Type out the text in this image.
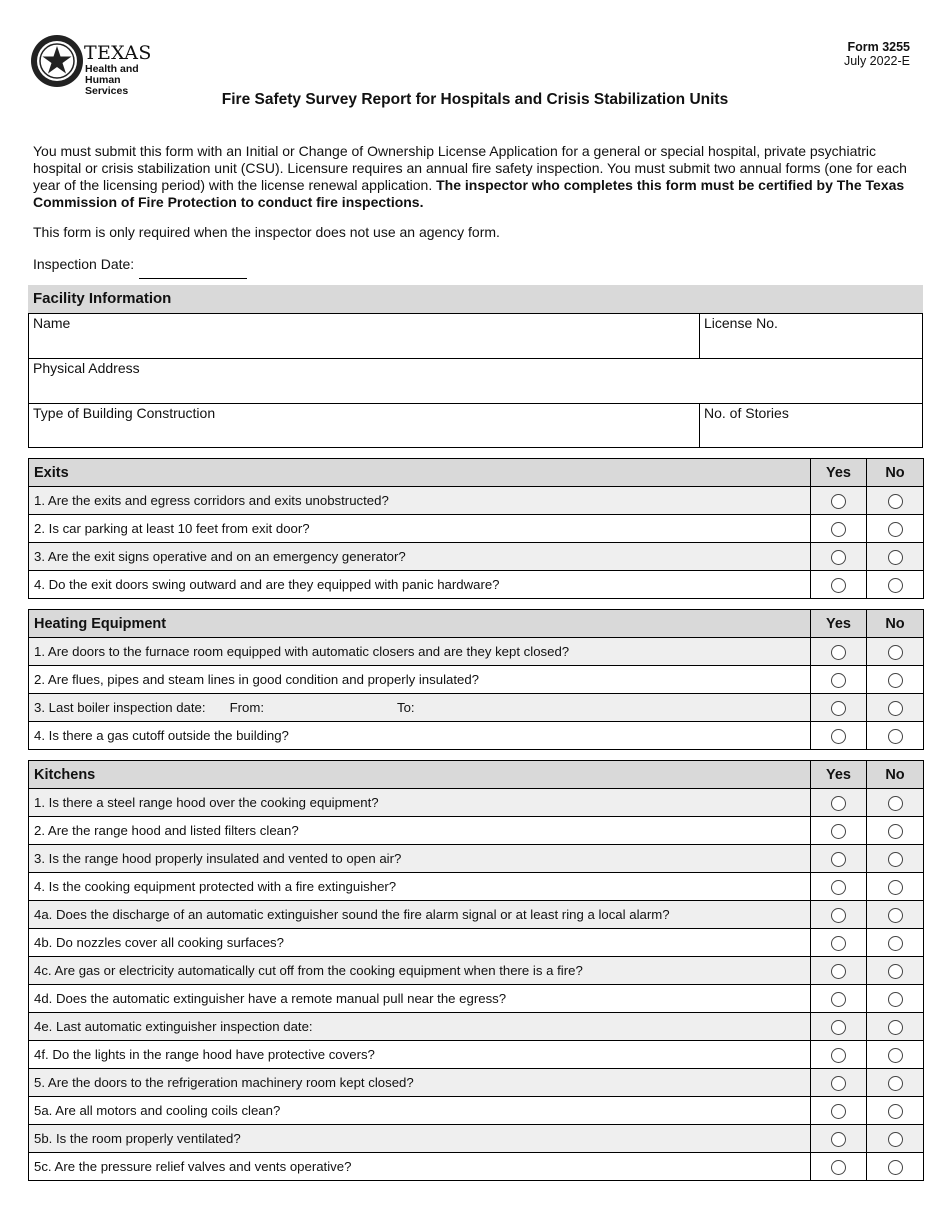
TEXAS
Health and Human Services
Form 3255
July 2022-E
Fire Safety Survey Report for Hospitals and Crisis Stabilization Units
You must submit this form with an Initial or Change of Ownership License Application for a general or special hospital, private psychiatric hospital or crisis stabilization unit (CSU). Licensure requires an annual fire safety inspection. You must submit two annual forms (one for each year of the licensing period) with the license renewal application. The inspector who completes this form must be certified by The Texas Commission of Fire Protection to conduct fire inspections.
This form is only required when the inspector does not use an agency form.
Inspection Date:
Facility Information
Name	License No.
Physical Address
Type of Building Construction	No. of Stories
Exits	Yes	No
1. Are the exits and egress corridors and exits unobstructed?		
2. Is car parking at least 10 feet from exit door?		
3. Are the exit signs operative and on an emergency generator?		
4. Do the exit doors swing outward and are they equipped with panic hardware?		
Heating Equipment	Yes	No
1. Are doors to the furnace room equipped with automatic closers and are they kept closed?		
2. Are flues, pipes and steam lines in good condition and properly insulated?		
3. Last boiler inspection date: From: To:		
4. Is there a gas cutoff outside the building?		
Kitchens	Yes	No
1. Is there a steel range hood over the cooking equipment?		
2. Are the range hood and listed filters clean?		
3. Is the range hood properly insulated and vented to open air?		
4. Is the cooking equipment protected with a fire extinguisher?		
4a. Does the discharge of an automatic extinguisher sound the fire alarm signal or at least ring a local alarm?		
4b. Do nozzles cover all cooking surfaces?		
4c. Are gas or electricity automatically cut off from the cooking equipment when there is a fire?		
4d. Does the automatic extinguisher have a remote manual pull near the egress?		
4e. Last automatic extinguisher inspection date:		
4f. Do the lights in the range hood have protective covers?		
5. Are the doors to the refrigeration machinery room kept closed?		
5a. Are all motors and cooling coils clean?		
5b. Is the room properly ventilated?		
5c. Are the pressure relief valves and vents operative?		
